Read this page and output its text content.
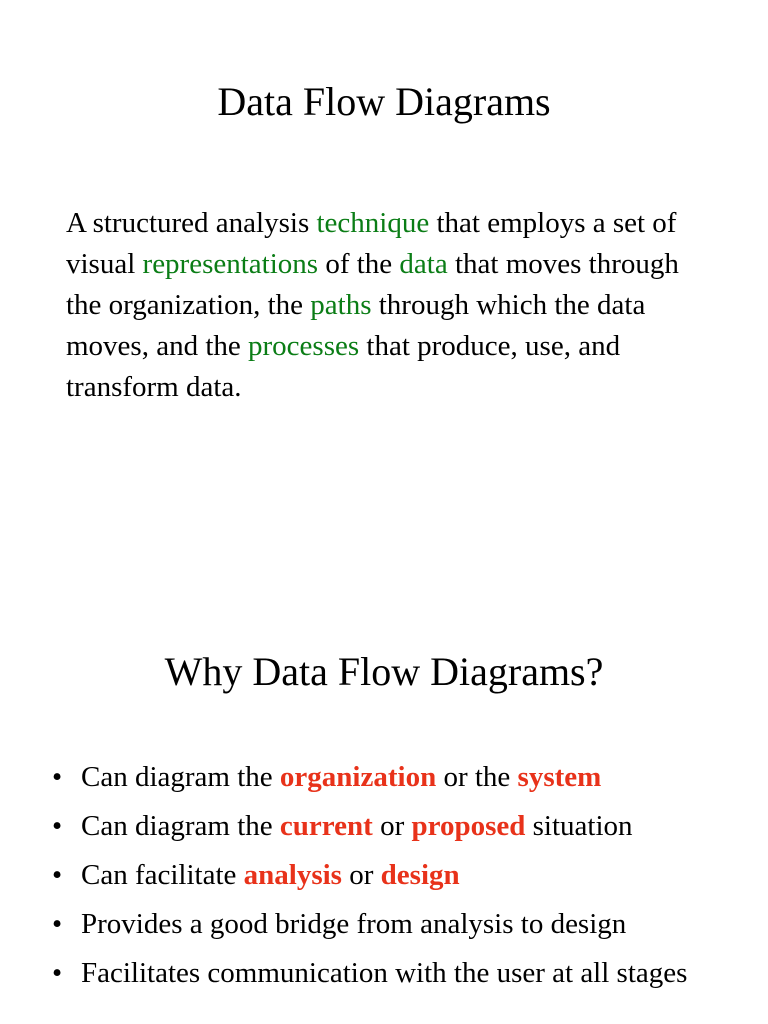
Data Flow Diagrams

A structured analysis technique that employs a set of visual representations of the data that moves through the organization, the paths through which the data moves, and the processes that produce, use, and transform data.

Why Data Flow Diagrams?
• Can diagram the organization or the system
• Can diagram the current or proposed situation
• Can facilitate analysis or design
• Provides a good bridge from analysis to design
• Facilitates communication with the user at all stages
